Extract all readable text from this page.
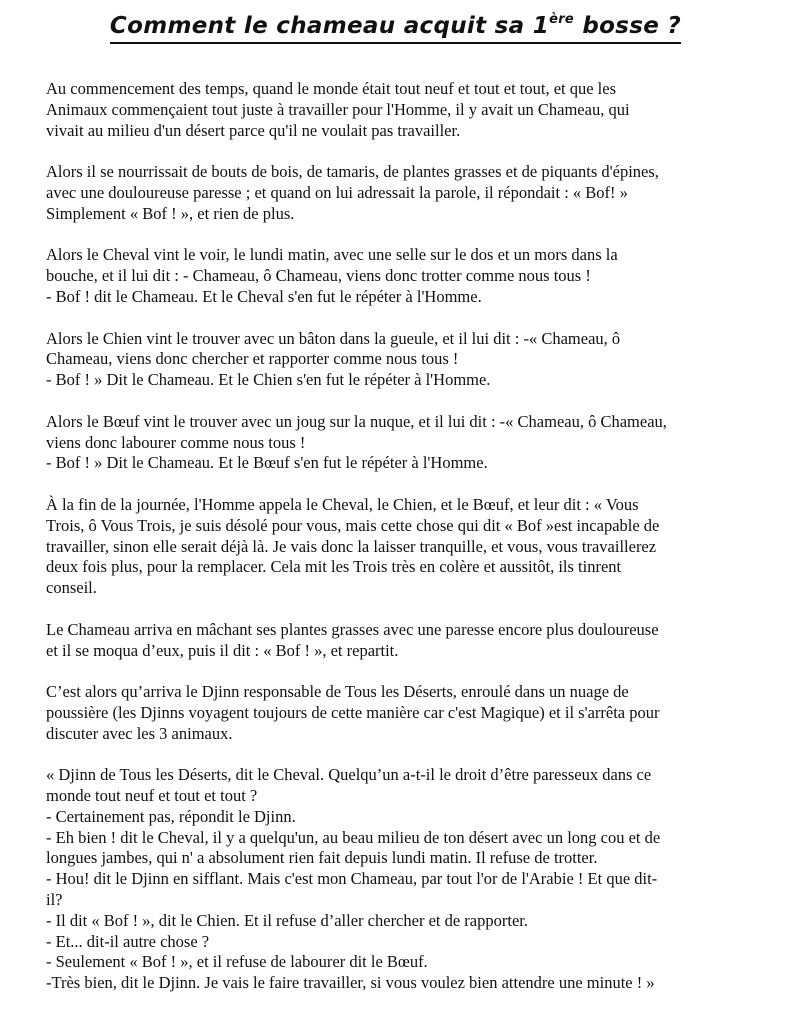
Comment le chameau acquit sa 1ère bosse ?
Au commencement des temps, quand le monde était tout neuf et tout et tout, et que les
Animaux commençaient tout juste à travailler pour l'Homme, il y avait un Chameau, qui
vivait au milieu d'un désert parce qu'il ne voulait pas travailler.
Alors il se nourrissait de bouts de bois, de tamaris, de plantes grasses et de piquants d'épines,
avec une douloureuse paresse ; et quand on lui adressait la parole, il répondait : « Bof! »
Simplement « Bof ! », et rien de plus.
Alors le Cheval vint le voir, le lundi matin, avec une selle sur le dos et un mors dans la
bouche, et il lui dit : - Chameau, ô Chameau, viens donc trotter comme nous tous !
- Bof ! dit le Chameau. Et le Cheval s'en fut le répéter à l'Homme.
Alors le Chien vint le trouver avec un bâton dans la gueule, et il lui dit : -« Chameau, ô
Chameau, viens donc chercher et rapporter comme nous tous !
- Bof ! » Dit le Chameau. Et le Chien s'en fut le répéter à l'Homme.
Alors le Bœuf vint le trouver avec un joug sur la nuque, et il lui dit : -« Chameau, ô Chameau,
viens donc labourer comme nous tous !
- Bof ! » Dit le Chameau. Et le Bœuf s'en fut le répéter à l'Homme.
À la fin de la journée, l'Homme appela le Cheval, le Chien, et le Bœuf, et leur dit : « Vous
Trois, ô Vous Trois, je suis désolé pour vous, mais cette chose qui dit « Bof »est incapable de
travailler, sinon elle serait déjà là. Je vais donc la laisser tranquille, et vous, vous travaillerez
deux fois plus, pour la remplacer. Cela mit les Trois très en colère et aussitôt, ils tinrent
conseil.
Le Chameau arriva en mâchant ses plantes grasses avec une paresse encore plus douloureuse
et il se moqua d’eux, puis il dit : « Bof ! », et repartit.
C’est alors qu’arriva le Djinn responsable de Tous les Déserts, enroulé dans un nuage de
poussière (les Djinns voyagent toujours de cette manière car c'est Magique) et il s'arrêta pour
discuter avec les 3 animaux.
« Djinn de Tous les Déserts, dit le Cheval. Quelqu’un a-t-il le droit d’être paresseux dans ce
monde tout neuf et tout et tout ?
- Certainement pas, répondit le Djinn.
- Eh bien ! dit le Cheval, il y a quelqu'un, au beau milieu de ton désert avec un long cou et de
longues jambes, qui n' a absolument rien fait depuis lundi matin. Il refuse de trotter.
- Hou! dit le Djinn en sifflant. Mais c'est mon Chameau, par tout l'or de l'Arabie ! Et que dit-
il?
- Il dit « Bof ! », dit le Chien. Et il refuse d’aller chercher et de rapporter.
- Et... dit-il autre chose ?
- Seulement « Bof ! », et il refuse de labourer dit le Bœuf.
-Très bien, dit le Djinn. Je vais le faire travailler, si vous voulez bien attendre une minute ! »
